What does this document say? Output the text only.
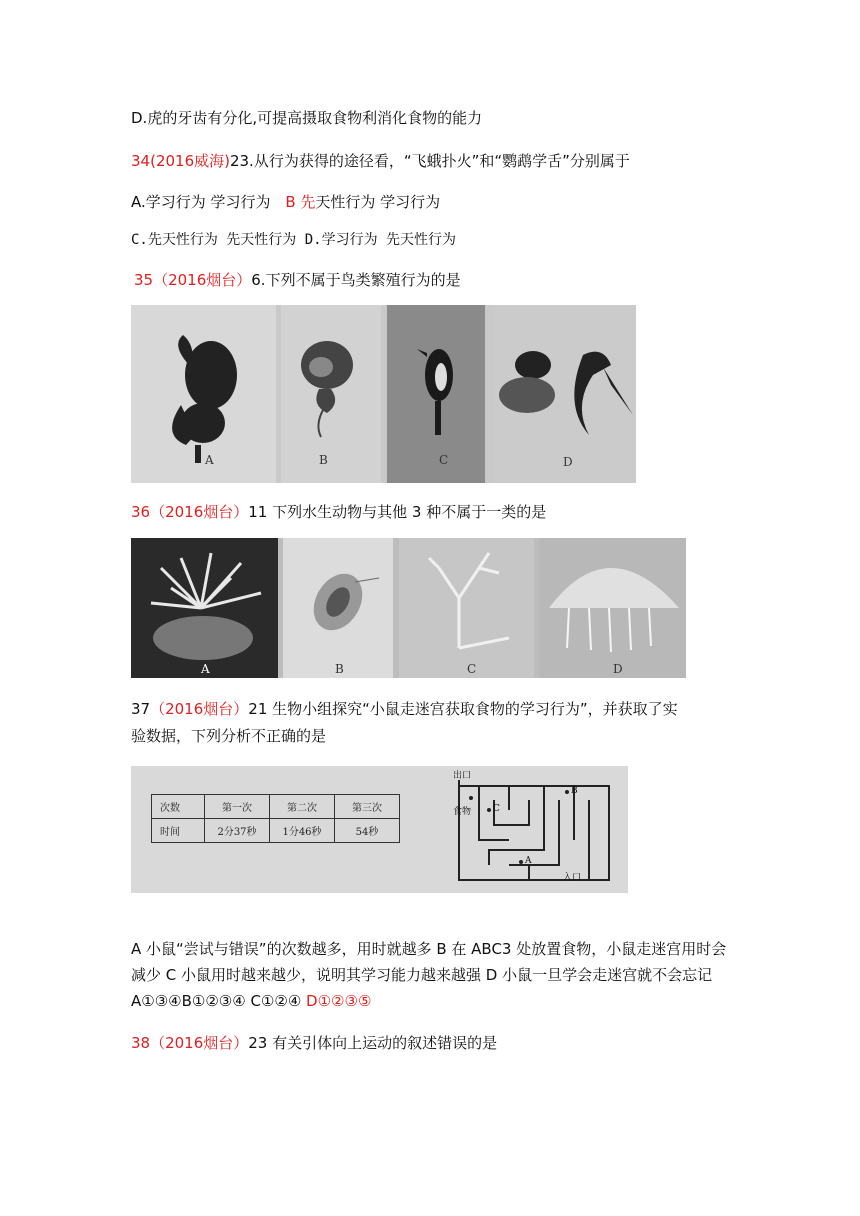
D.虎的牙齿有分化,可提高摄取食物利消化食物的能力
34(2016威海)23.从行为获得的途径看，“飞蛾扑火”和“鹦鹉学舌”分别属于
A.学习行为 学习行为 B 先天性行为 学习行为
C.先天性行为 先天性行为 D.学习行为 先天性行为
35（2016烟台）6.下列不属于鸟类繁殖行为的是
A	B	C	D
36（2016烟台）11 下列水生动物与其他 3 种不属于一类的是
A	B	C	D
37（2016烟台）21 生物小组探究“小鼠走迷宫获取食物的学习行为”，并获取了实
验数据，下列分析不正确的是
次数	第一次	第二次	第三次
时间	2分37秒	1分46秒	54秒
出口
食物
入口
B
C
A
A 小鼠“尝试与错误”的次数越多，用时就越多 B 在 ABC3 处放置食物，小鼠走迷宫用时会减少 C 小鼠用时越来越少，说明其学习能力越来越强 D 小鼠一旦学会走迷宫就不会忘记 A①③④B①②③④ C①②④ D①②③⑤
38（2016烟台）23 有关引体向上运动的叙述错误的是
